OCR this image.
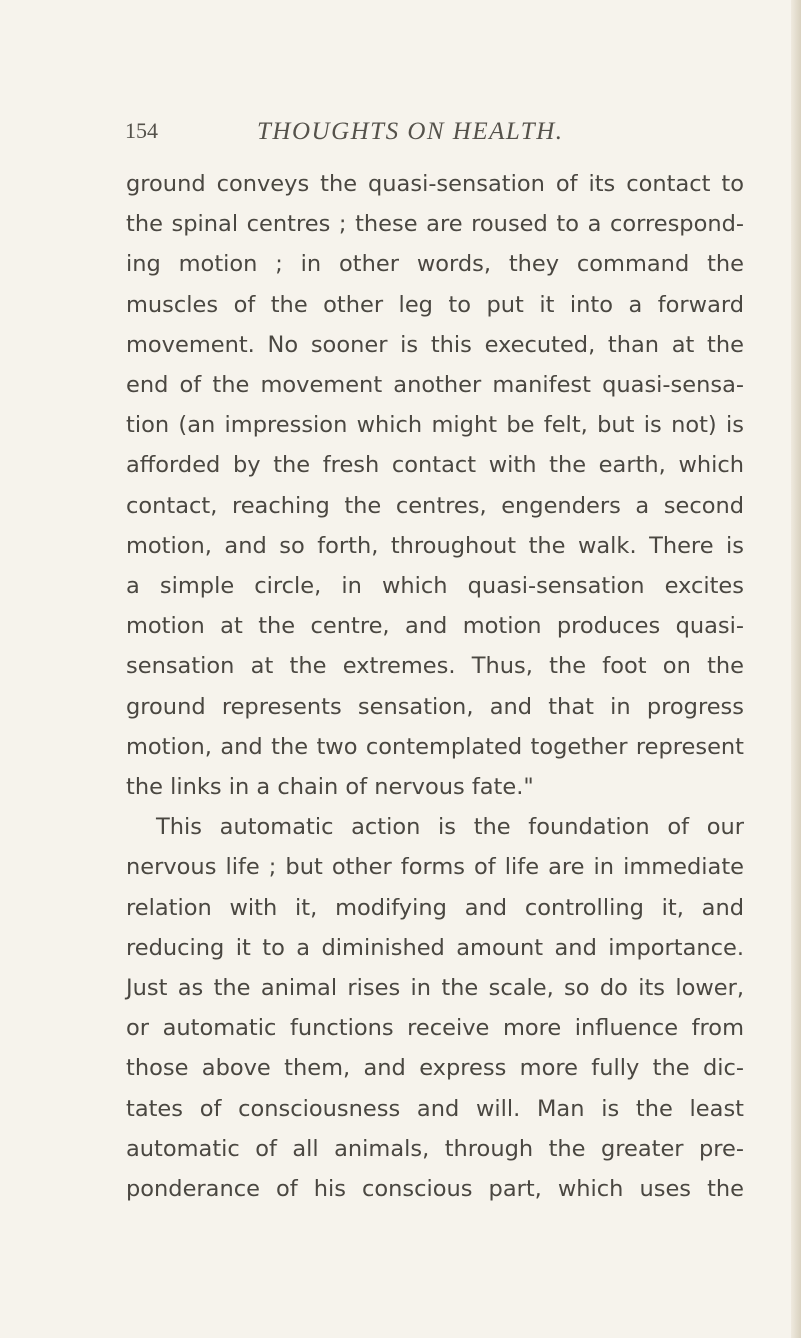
154	THOUGHTS ON HEALTH.
ground conveys the quasi-sensation of its contact to
the spinal centres ; these are roused to a correspond-
ing motion ; in other words, they command the
muscles of the other leg to put it into a forward
movement. No sooner is this executed, than at the
end of the movement another manifest quasi-sensa-
tion (an impression which might be felt, but is not) is
afforded by the fresh contact with the earth, which
contact, reaching the centres, engenders a second
motion, and so forth, throughout the walk. There is
a simple circle, in which quasi-sensation excites
motion at the centre, and motion produces quasi-
sensation at the extremes. Thus, the foot on the
ground represents sensation, and that in progress
motion, and the two contemplated together represent
the links in a chain of nervous fate."
This automatic action is the foundation of our
nervous life ; but other forms of life are in immediate
relation with it, modifying and controlling it, and
reducing it to a diminished amount and importance.
Just as the animal rises in the scale, so do its lower,
or automatic functions receive more influence from
those above them, and express more fully the dic-
tates of consciousness and will. Man is the least
automatic of all animals, through the greater pre-
ponderance of his conscious part, which uses the
